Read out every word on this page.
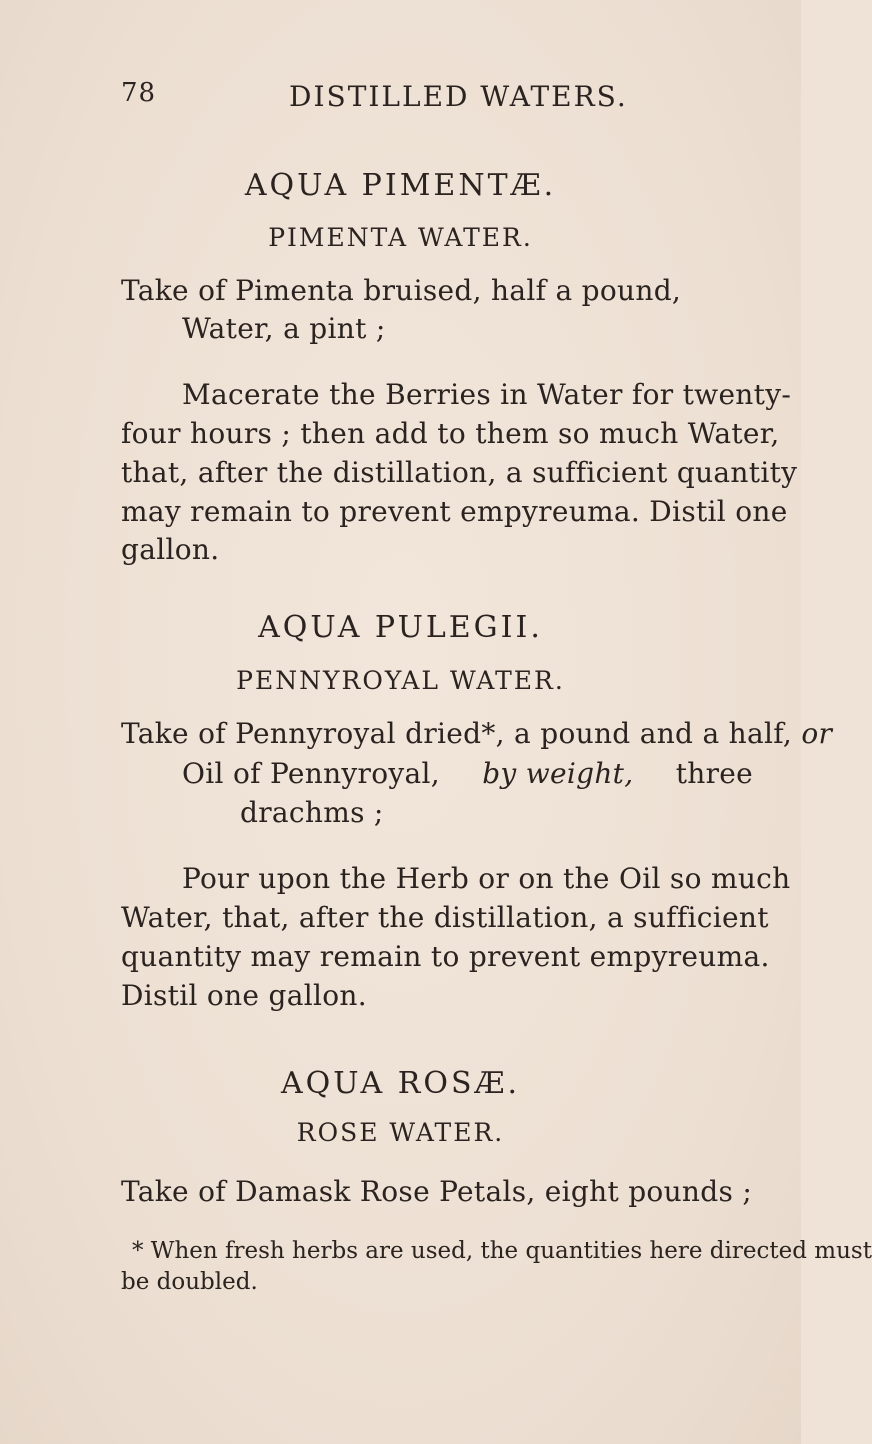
78	DISTILLED WATERS.
AQUA PIMENTÆ.
PIMENTA WATER.
Take of Pimenta bruised, half a pound,
Water, a pint ;
Macerate the Berries in Water for twenty-
four hours ; then add to them so much Water,
that, after the distillation, a sufficient quantity
may remain to prevent empyreuma. Distil one
gallon.
AQUA PULEGII.
PENNYROYAL WATER.
Take of Pennyroyal dried*, a pound and a half, or
Oil of Pennyroyal, by weight, three
drachms ;
Pour upon the Herb or on the Oil so much
Water, that, after the distillation, a sufficient
quantity may remain to prevent empyreuma.
Distil one gallon.
AQUA ROSÆ.
ROSE WATER.
Take of Damask Rose Petals, eight pounds ;
* When fresh herbs are used, the quantities here directed must
be doubled.
